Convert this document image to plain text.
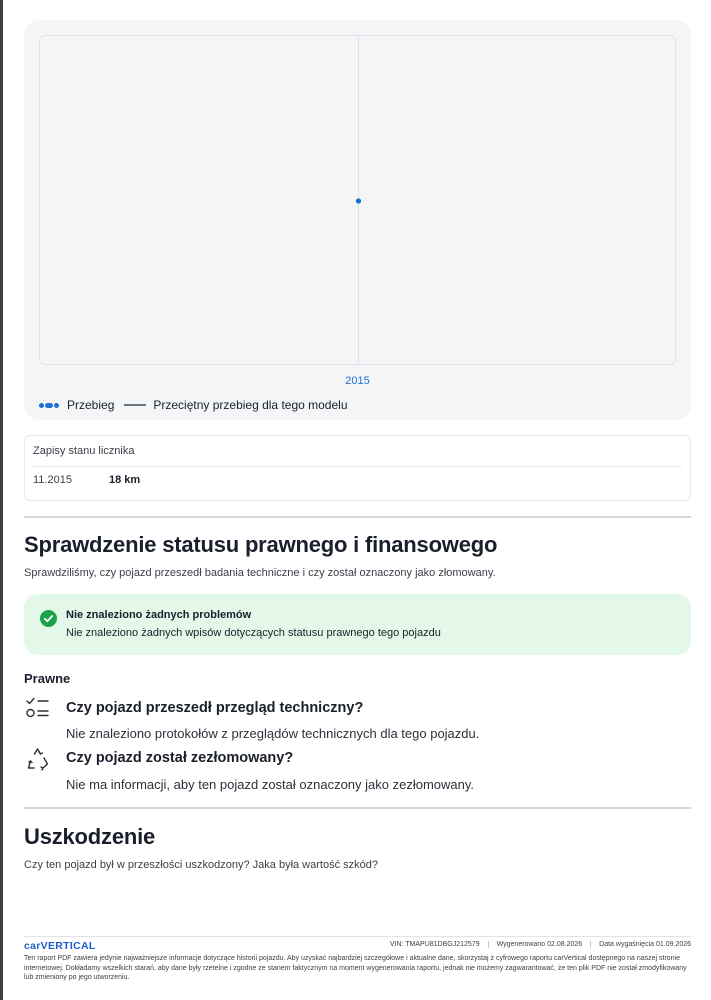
2015
Przebieg	Przeciętny przebieg dla tego modelu
Zapisy stanu licznika
11.2015	18 km
Sprawdzenie statusu prawnego i finansowego
Sprawdziliśmy, czy pojazd przeszedł badania techniczne i czy został oznaczony jako złomowany.
Nie znaleziono żadnych problemów
Nie znaleziono żadnych wpisów dotyczących statusu prawnego tego pojazdu
Prawne
Czy pojazd przeszedł przegląd techniczny?
Nie znaleziono protokołów z przeglądów technicznych dla tego pojazdu.
Czy pojazd został zezłomowany?
Nie ma informacji, aby ten pojazd został oznaczony jako zezłomowany.
Uszkodzenie
Czy ten pojazd był w przeszłości uszkodzony? Jaka była wartość szkód?
carVERTICAL	VIN: TMAPU81DBGJ212579	Wygenerowano 02.08.2026	Data wygaśnięcia 01.09.2026
Ten raport PDF zawiera jedynie najważniejsze informacje dotyczące historii pojazdu. Aby uzyskać najbardziej szczegółowe i aktualne dane, skorzystaj z cyfrowego raportu carVertical dostępnego na naszej stronie internetowej. Dokładamy wszelkich starań, aby dane były rzetelne i zgodne ze stanem faktycznym na moment wygenerowania raportu, jednak nie możemy zagwarantować, że ten plik PDF nie został zmodyfikowany lub zmieniony po jego utworzeniu.
